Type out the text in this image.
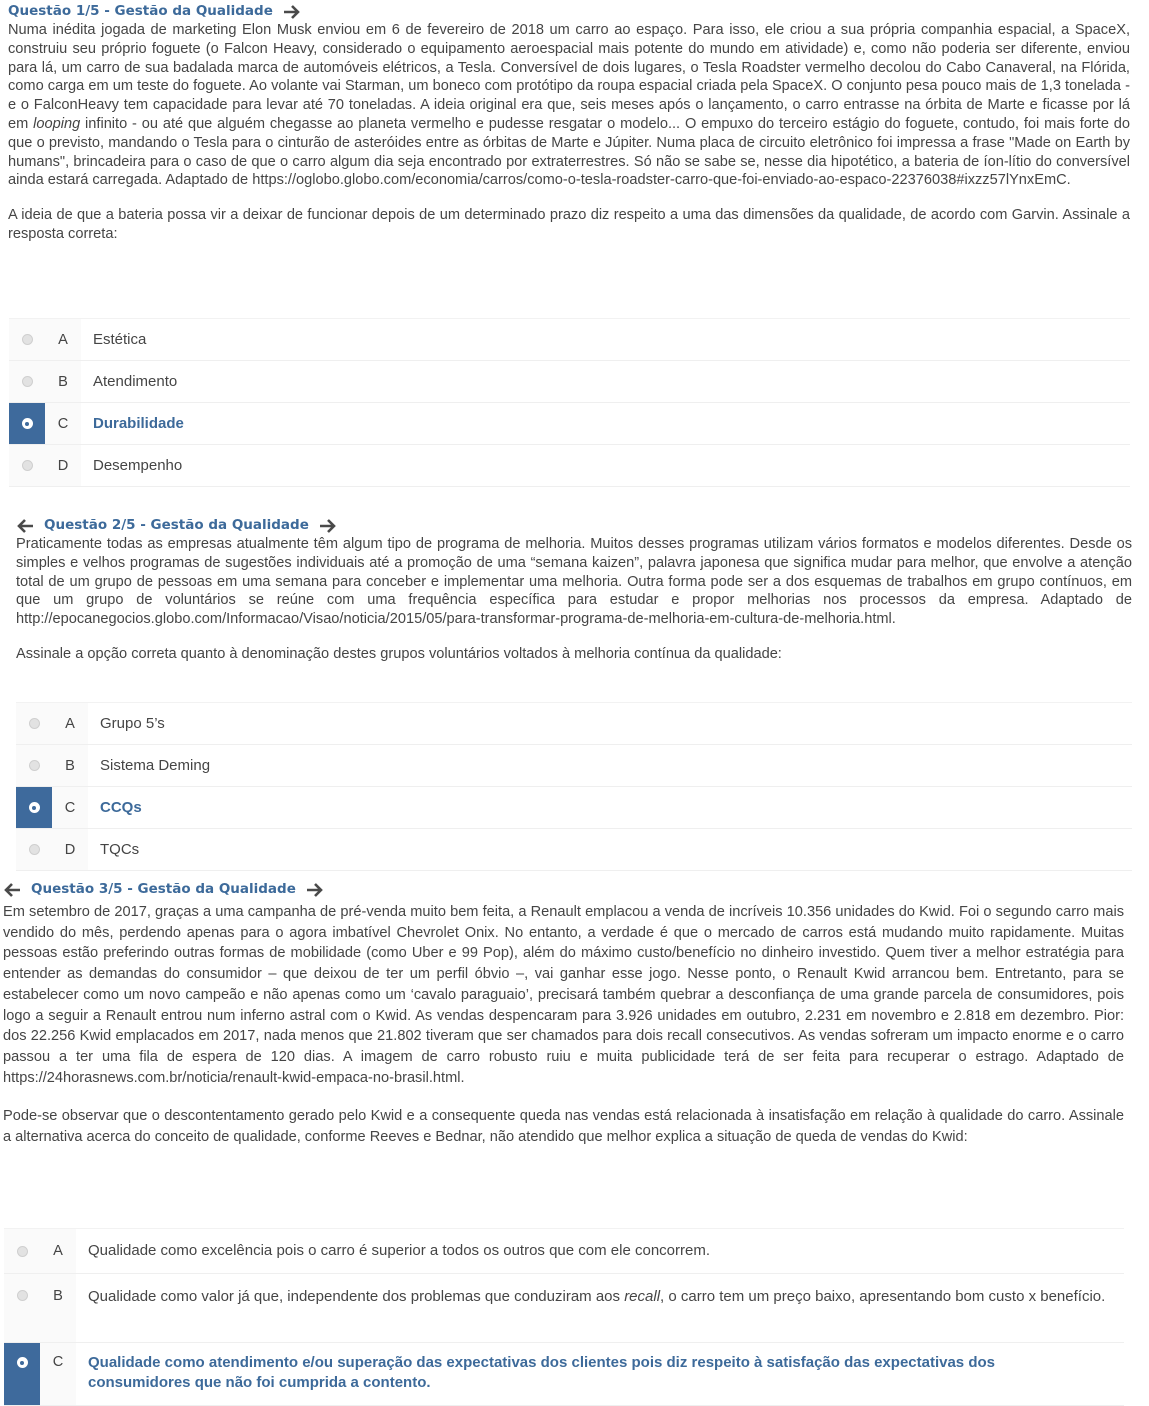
Questão 1/5 - Gestão da Qualidade

Numa inédita jogada de marketing Elon Musk enviou em 6 de fevereiro de 2018 um carro ao espaço. Para isso, ele criou a sua própria companhia espacial, a SpaceX, construiu seu próprio foguete (o Falcon Heavy, considerado o equipamento aeroespacial mais potente do mundo em atividade) e, como não poderia ser diferente, enviou para lá, um carro de sua badalada marca de automóveis elétricos, a Tesla. Conversível de dois lugares, o Tesla Roadster vermelho decolou do Cabo Canaveral, na Flórida, como carga em um teste do foguete. Ao volante vai Starman, um boneco com protótipo da roupa espacial criada pela SpaceX. O conjunto pesa pouco mais de 1,3 tonelada - e o FalconHeavy tem capacidade para levar até 70 toneladas. A ideia original era que, seis meses após o lançamento, o carro entrasse na órbita de Marte e ficasse por lá em looping infinito - ou até que alguém chegasse ao planeta vermelho e pudesse resgatar o modelo... O empuxo do terceiro estágio do foguete, contudo, foi mais forte do que o previsto, mandando o Tesla para o cinturão de asteróides entre as órbitas de Marte e Júpiter. Numa placa de circuito eletrônico foi impressa a frase "Made on Earth by humans", brincadeira para o caso de que o carro algum dia seja encontrado por extraterrestres. Só não se sabe se, nesse dia hipotético, a bateria de íon-lítio do conversível ainda estará carregada. Adaptado de https://oglobo.globo.com/economia/carros/como-o-tesla-roadster-carro-que-foi-enviado-ao-espaco-22376038#ixzz57lYnxEmC.

A ideia de que a bateria possa vir a deixar de funcionar depois de um determinado prazo diz respeito a uma das dimensões da qualidade, de acordo com Garvin. Assinale a resposta correta:

A	Estética
B	Atendimento
C	Durabilidade
D	Desempenho
Questão 2/5 - Gestão da Qualidade

Praticamente todas as empresas atualmente têm algum tipo de programa de melhoria. Muitos desses programas utilizam vários formatos e modelos diferentes. Desde os simples e velhos programas de sugestões individuais até a promoção de uma “semana kaizen”, palavra japonesa que significa mudar para melhor, que envolve a atenção total de um grupo de pessoas em uma semana para conceber e implementar uma melhoria. Outra forma pode ser a dos esquemas de trabalhos em grupo contínuos, em que um grupo de voluntários se reúne com uma frequência específica para estudar e propor melhorias nos processos da empresa. Adaptado de http://epocanegocios.globo.com/Informacao/Visao/noticia/2015/05/para-transformar-programa-de-melhoria-em-cultura-de-melhoria.html.

Assinale a opção correta quanto à denominação destes grupos voluntários voltados à melhoria contínua da qualidade:

A	Grupo 5’s
B	Sistema Deming
C	CCQs
D	TQCs
Questão 3/5 - Gestão da Qualidade

Em setembro de 2017, graças a uma campanha de pré-venda muito bem feita, a Renault emplacou a venda de incríveis 10.356 unidades do Kwid. Foi o segundo carro mais vendido do mês, perdendo apenas para o agora imbatível Chevrolet Onix. No entanto, a verdade é que o mercado de carros está mudando muito rapidamente. Muitas pessoas estão preferindo outras formas de mobilidade (como Uber e 99 Pop), além do máximo custo/benefício no dinheiro investido. Quem tiver a melhor estratégia para entender as demandas do consumidor – que deixou de ter um perfil óbvio –, vai ganhar esse jogo. Nesse ponto, o Renault Kwid arrancou bem. Entretanto, para se estabelecer como um novo campeão e não apenas como um ‘cavalo paraguaio’, precisará também quebrar a desconfiança de uma grande parcela de consumidores, pois logo a seguir a Renault entrou num inferno astral com o Kwid. As vendas despencaram para 3.926 unidades em outubro, 2.231 em novembro e 2.818 em dezembro. Pior: dos 22.256 Kwid emplacados em 2017, nada menos que 21.802 tiveram que ser chamados para dois recall consecutivos. As vendas sofreram um impacto enorme e o carro passou a ter uma fila de espera de 120 dias. A imagem de carro robusto ruiu e muita publicidade terá de ser feita para recuperar o estrago. Adaptado de https://24horasnews.com.br/noticia/renault-kwid-empaca-no-brasil.html.

Pode-se observar que o descontentamento gerado pelo Kwid e a consequente queda nas vendas está relacionada à insatisfação em relação à qualidade do carro. Assinale a alternativa acerca do conceito de qualidade, conforme Reeves e Bednar, não atendido que melhor explica a situação de queda de vendas do Kwid:

A	Qualidade como excelência pois o carro é superior a todos os outros que com ele concorrem.
B	Qualidade como valor já que, independente dos problemas que conduziram aos recall, o carro tem um preço baixo, apresentando bom custo x benefício.
C	Qualidade como atendimento e/ou superação das expectativas dos clientes pois diz respeito à satisfação das expectativas dos consumidores que não foi cumprida a contento.
